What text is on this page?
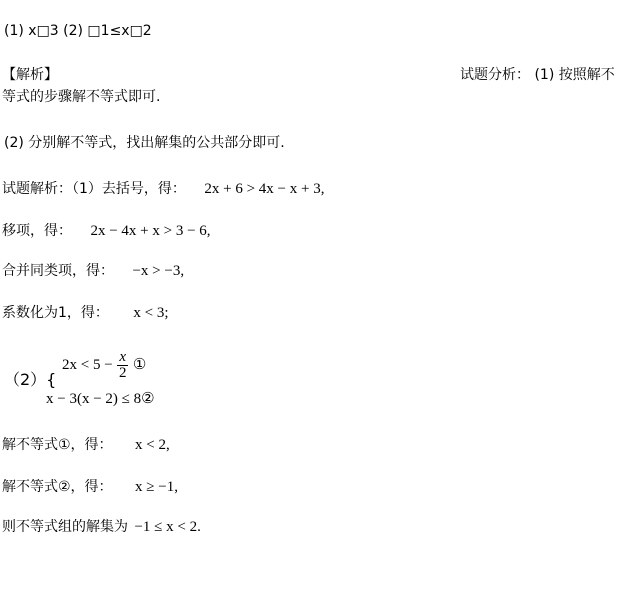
(1) x□3 (2) □1≤x□2
【解析】	试题分析： (1) 按照解不
等式的步骤解不等式即可.
(2) 分别解不等式，找出解集的公共部分即可.
试题解析：（1）去括号，得： 2x + 6 > 4x − x + 3,
移项，得： 2x − 4x + x > 3 − 6,
合并同类项，得： −x > −3,
系数化为1，得： x < 3;
（2）{
$2x < 5 - \frac{x}{2}$ ①
x − 3(x − 2) ≤ 8②
解不等式①，得： x < 2,
解不等式②，得： x ≥ −1,
则不等式组的解集为 −1 ≤ x < 2.
